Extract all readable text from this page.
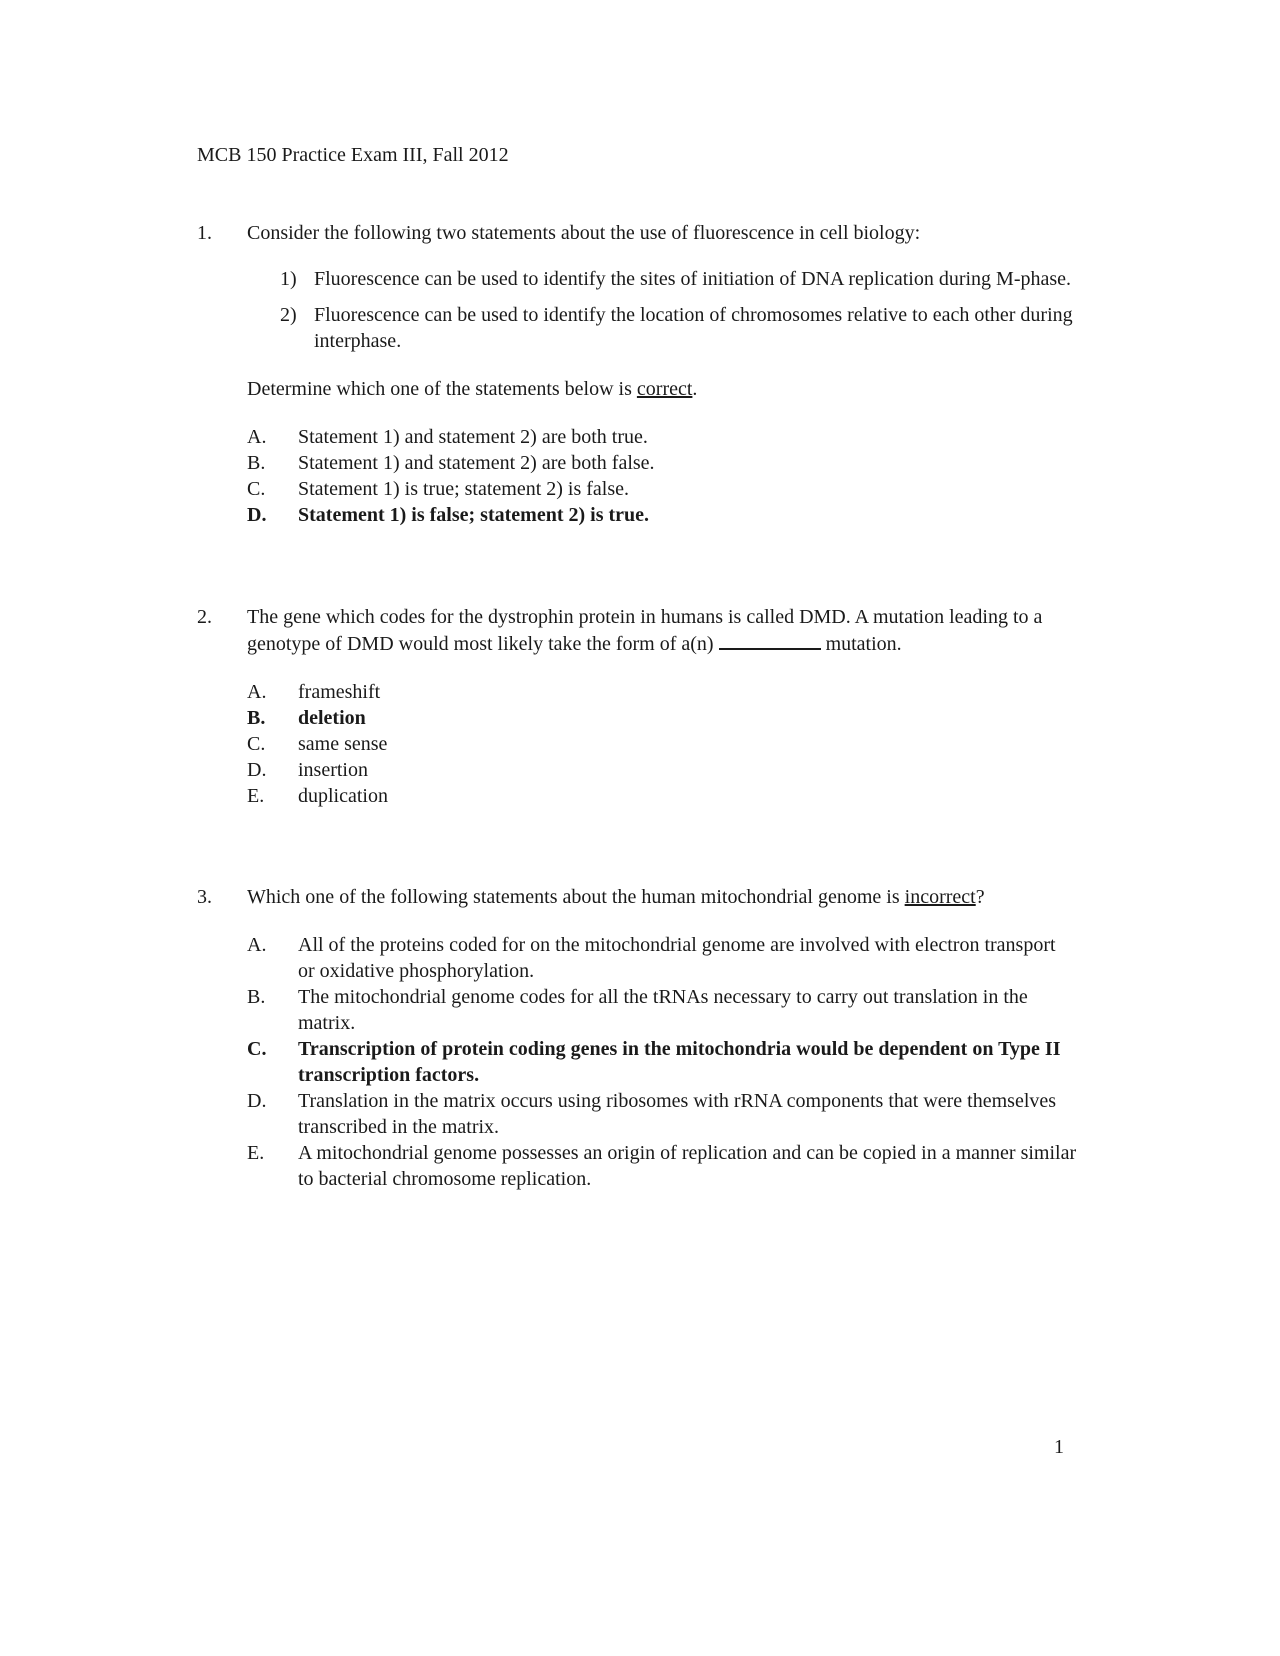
MCB 150 Practice Exam III, Fall 2012
1.	Consider the following two statements about the use of fluorescence in cell biology:
1) Fluorescence can be used to identify the sites of initiation of DNA replication during M-phase.
2) Fluorescence can be used to identify the location of chromosomes relative to each other during interphase.
Determine which one of the statements below is correct.
A.	Statement 1) and statement 2) are both true.
B.	Statement 1) and statement 2) are both false.
C.	Statement 1) is true; statement 2) is false.
D.	Statement 1) is false; statement 2) is true.
2.	The gene which codes for the dystrophin protein in humans is called DMD. A mutation leading to a genotype of DMD would most likely take the form of a(n)	mutation.
A.	frameshift
B.	deletion
C.	same sense
D.	insertion
E.	duplication
3.	Which one of the following statements about the human mitochondrial genome is incorrect?
A.	All of the proteins coded for on the mitochondrial genome are involved with electron transport or oxidative phosphorylation.
B.	The mitochondrial genome codes for all the tRNAs necessary to carry out translation in the matrix.
C.	Transcription of protein coding genes in the mitochondria would be dependent on Type II transcription factors.
D.	Translation in the matrix occurs using ribosomes with rRNA components that were themselves transcribed in the matrix.
E.	A mitochondrial genome possesses an origin of replication and can be copied in a manner similar to bacterial chromosome replication.
1
